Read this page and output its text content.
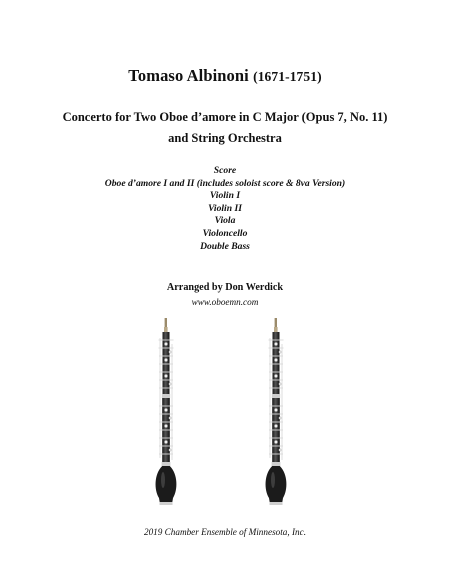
Tomaso Albinoni (1671-1751)
Concerto for Two Oboe d’amore in C Major (Opus 7, No. 11)
and String Orchestra
Score
Oboe d’amore I and II (includes soloist score & 8va Version)
Violin I
Violin II
Viola
Violoncello
Double Bass
Arranged by Don Werdick
www.oboemn.com
2019 Chamber Ensemble of Minnesota, Inc.
